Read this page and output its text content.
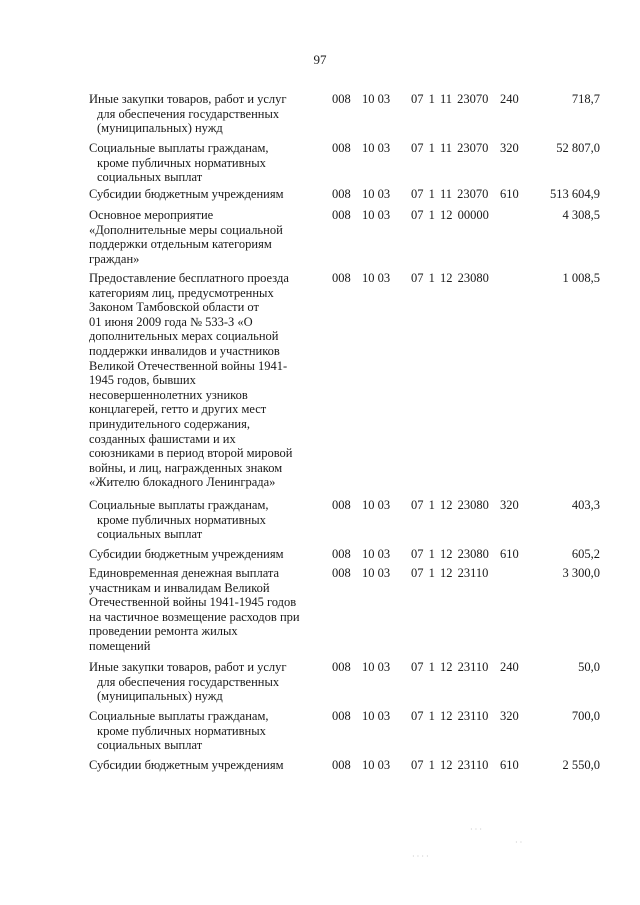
97
Иные закупки товаров, работ и услуг
для обеспечения государственных
(муниципальных) нужд
008 10 03 07 1 11 23070 240	718,7
Социальные выплаты гражданам,
кроме публичных нормативных
социальных выплат
008 10 03 07 1 11 23070 320	52 807,0
Субсидии бюджетным учреждениям	008 10 03 07 1 11 23070 610	513 604,9
Основное мероприятие
«Дополнительные меры социальной
поддержки отдельным категориям
граждан»
008 10 03 07 1 12 00000	4 308,5
Предоставление бесплатного проезда
категориям лиц, предусмотренных
Законом Тамбовской области от
01 июня 2009 года № 533-З «О
дополнительных мерах социальной
поддержки инвалидов и участников
Великой Отечественной войны 1941-
1945 годов, бывших
несовершеннолетних узников
концлагерей, гетто и других мест
принудительного содержания,
созданных фашистами и их
союзниками в период второй мировой
войны, и лиц, награжденных знаком
«Жителю блокадного Ленинграда»
008 10 03 07 1 12 23080	1 008,5
Социальные выплаты гражданам,
кроме публичных нормативных
социальных выплат
008 10 03 07 1 12 23080 320	403,3
Субсидии бюджетным учреждениям	008 10 03 07 1 12 23080 610	605,2
Единовременная денежная выплата
участникам и инвалидам Великой
Отечественной войны 1941-1945 годов
на частичное возмещение расходов при
проведении ремонта жилых
помещений
008 10 03 07 1 12 23110	3 300,0
Иные закупки товаров, работ и услуг
для обеспечения государственных
(муниципальных) нужд
008 10 03 07 1 12 23110 240	50,0
Социальные выплаты гражданам,
кроме публичных нормативных
социальных выплат
008 10 03 07 1 12 23110 320	700,0
Субсидии бюджетным учреждениям	008 10 03 07 1 12 23110 610	2 550,0
· · ·
· ·
· · · ·
